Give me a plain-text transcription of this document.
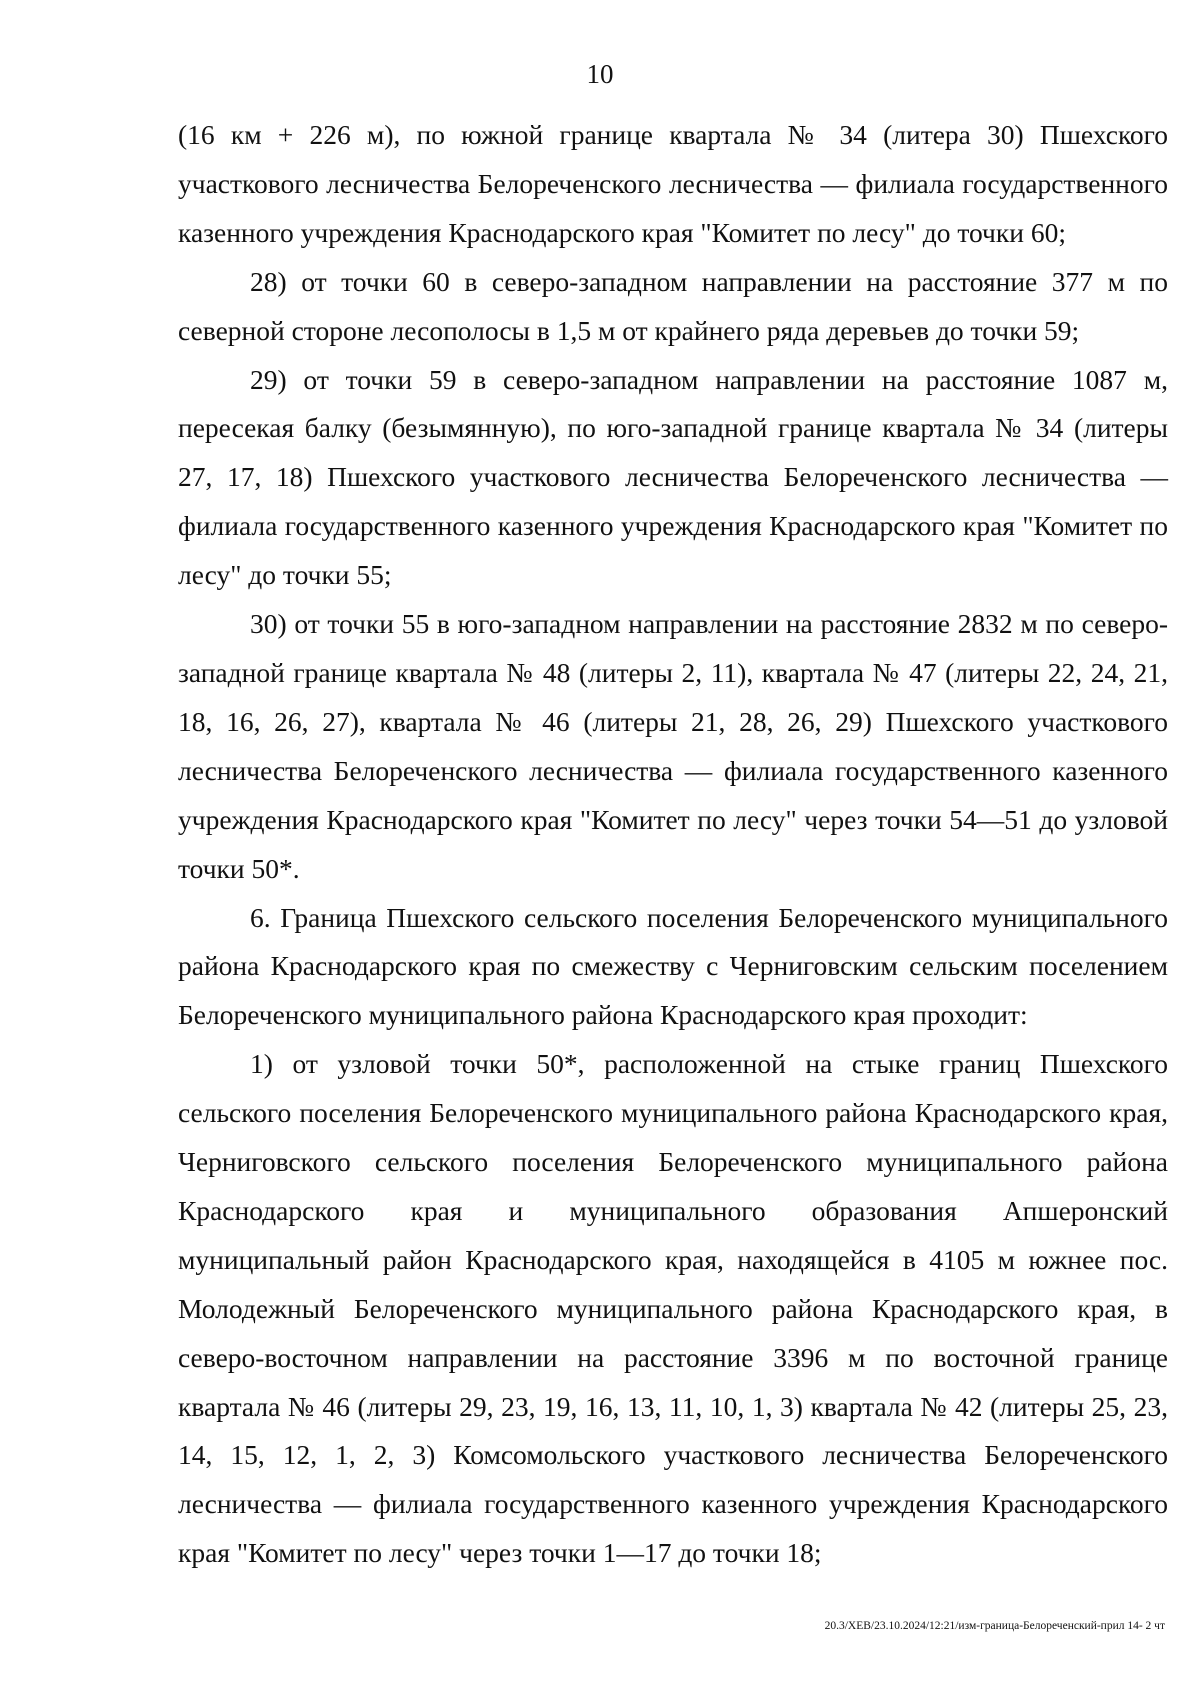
10

(16 км + 226 м), по южной границе квартала № 34 (литера 30) Пшехского участкового лесничества Белореченского лесничества — филиала государственного казенного учреждения Краснодарского края "Комитет по лесу" до точки 60;

28) от точки 60 в северо-западном направлении на расстояние 377 м по северной стороне лесополосы в 1,5 м от крайнего ряда деревьев до точки 59;

29) от точки 59 в северо-западном направлении на расстояние 1087 м, пересекая балку (безымянную), по юго-западной границе квартала № 34 (литеры 27, 17, 18) Пшехского участкового лесничества Белореченского лесничества — филиала государственного казенного учреждения Краснодарского края "Комитет по лесу" до точки 55;

30) от точки 55 в юго-западном направлении на расстояние 2832 м по северо-западной границе квартала № 48 (литеры 2, 11), квартала № 47 (литеры 22, 24, 21, 18, 16, 26, 27), квартала № 46 (литеры 21, 28, 26, 29) Пшехского участкового лесничества Белореченского лесничества — филиала государственного казенного учреждения Краснодарского края "Комитет по лесу" через точки 54—51 до узловой точки 50*.

6. Граница Пшехского сельского поселения Белореченского муниципального района Краснодарского края по смежеству с Черниговским сельским поселением Белореченского муниципального района Краснодарского края проходит:

1) от узловой точки 50*, расположенной на стыке границ Пшехского сельского поселения Белореченского муниципального района Краснодарского края, Черниговского сельского поселения Белореченского муниципального района Краснодарского края и муниципального образования Апшеронский муниципальный район Краснодарского края, находящейся в 4105 м южнее пос. Молодежный Белореченского муниципального района Краснодарского края, в северо-восточном направлении на расстояние 3396 м по восточной границе квартала № 46 (литеры 29, 23, 19, 16, 13, 11, 10, 1, 3) квартала № 42 (литеры 25, 23, 14, 15, 12, 1, 2, 3) Комсомольского участкового лесничества Белореченского лесничества — филиала государственного казенного учреждения Краснодарского края "Комитет по лесу" через точки 1—17 до точки 18;

20.3/ХЕВ/23.10.2024/12:21/изм-граница-Белореченский-прил 14- 2 чт
